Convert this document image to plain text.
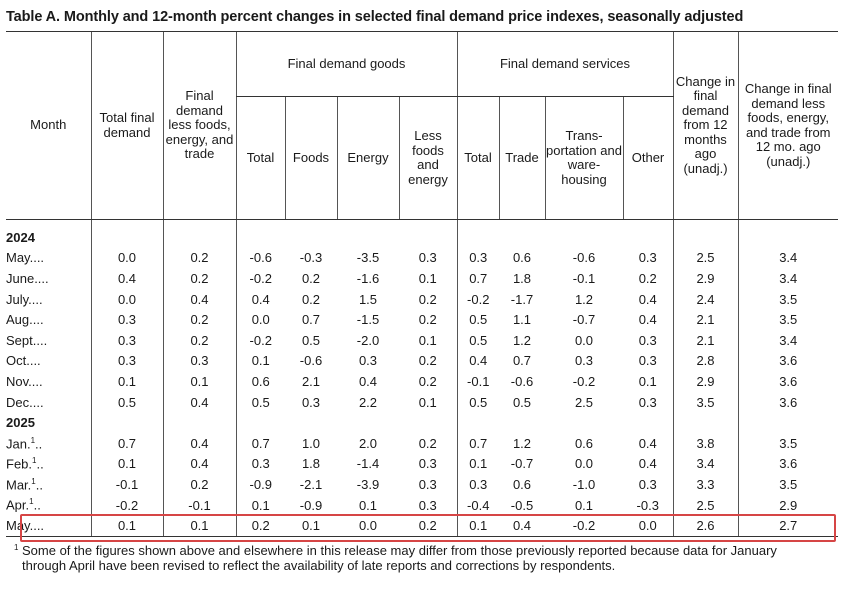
Table A. Monthly and 12-month percent changes in selected final demand price indexes, seasonally adjusted
Month	Total final demand	Final demand less foods, energy, and trade	Final demand goods				Final demand services				Change in final demand from 12 months ago (unadj.)	Change in final demand less foods, energy, and trade from 12 mo. ago (unadj.)
			Total	Foods	Energy	Less foods and energy	Total	Trade	Trans- portation and ware- housing	Other		

2024												
May....	0.0	0.2	-0.6	-0.3	-3.5	0.3	0.3	0.6	-0.6	0.3	2.5	3.4
June....	0.4	0.2	-0.2	0.2	-1.6	0.1	0.7	1.8	-0.1	0.2	2.9	3.4
July....	0.0	0.4	0.4	0.2	1.5	0.2	-0.2	-1.7	1.2	0.4	2.4	3.5
Aug....	0.3	0.2	0.0	0.7	-1.5	0.2	0.5	1.1	-0.7	0.4	2.1	3.5
Sept....	0.3	0.2	-0.2	0.5	-2.0	0.1	0.5	1.2	0.0	0.3	2.1	3.4
Oct....	0.3	0.3	0.1	-0.6	0.3	0.2	0.4	0.7	0.3	0.3	2.8	3.6
Nov....	0.1	0.1	0.6	2.1	0.4	0.2	-0.1	-0.6	-0.2	0.1	2.9	3.6
Dec....	0.5	0.4	0.5	0.3	2.2	0.1	0.5	0.5	2.5	0.3	3.5	3.6
2025												
Jan.$^1$..	0.7	0.4	0.7	1.0	2.0	0.2	0.7	1.2	0.6	0.4	3.8	3.5
Feb.$^1$..	0.1	0.4	0.3	1.8	-1.4	0.3	0.1	-0.7	0.0	0.4	3.4	3.6
Mar.$^1$..	-0.1	0.2	-0.9	-2.1	-3.9	0.3	0.3	0.6	-1.0	0.3	3.3	3.5
Apr.$^1$..	-0.2	-0.1	0.1	-0.9	0.1	0.3	-0.4	-0.5	0.1	-0.3	2.5	2.9
May....	0.1	0.1	0.2	0.1	0.0	0.2	0.1	0.4	-0.2	0.0	2.6	2.7
1 Some of the figures shown above and elsewhere in this release may differ from those previously reported because data for January through April have been revised to reflect the availability of late reports and corrections by respondents.
